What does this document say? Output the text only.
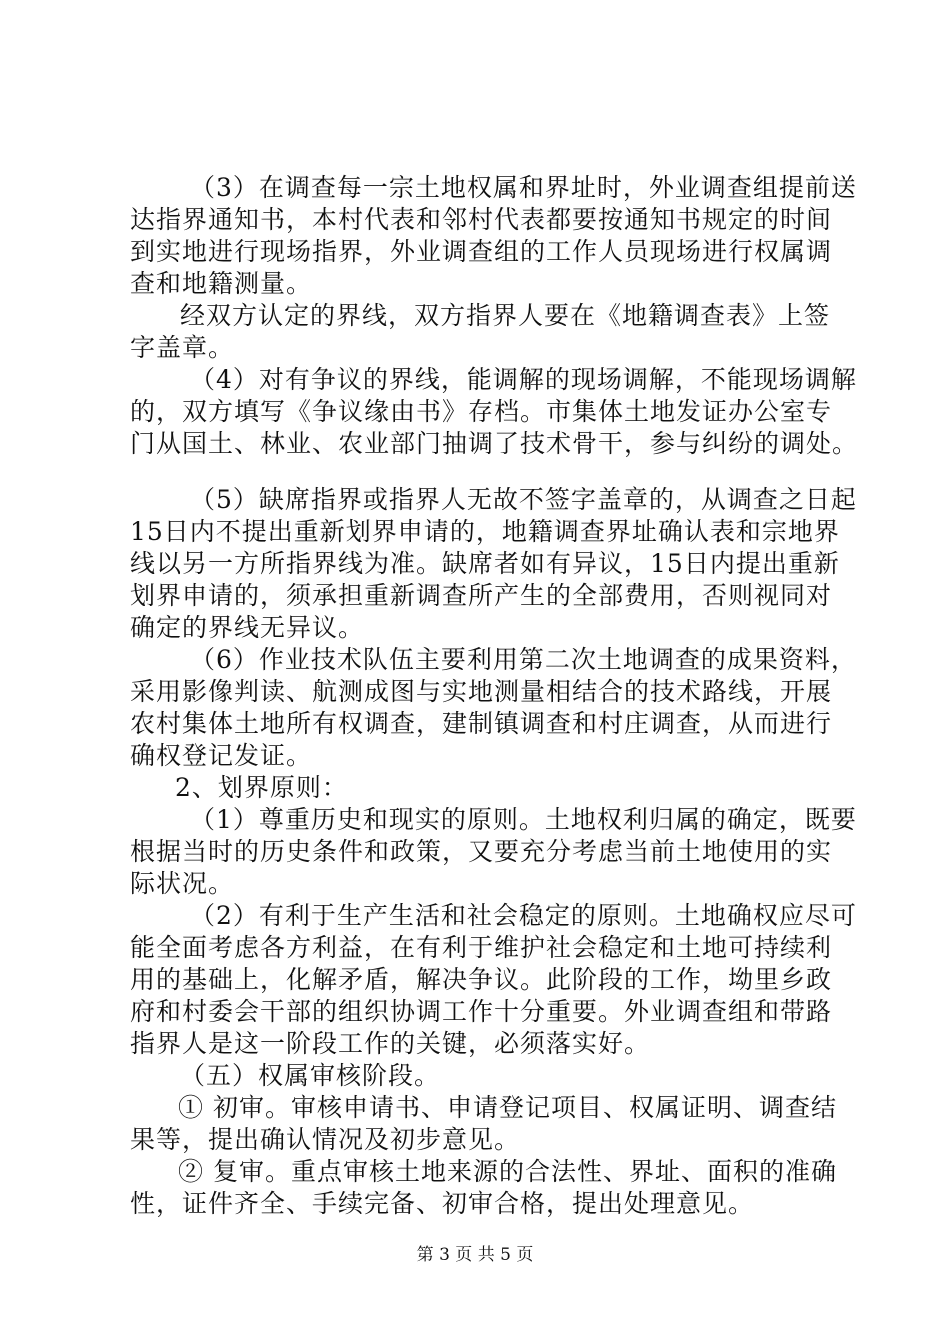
（3）在调查每一宗土地权属和界址时，外业调查组提前送
达指界通知书，本村代表和邻村代表都要按通知书规定的时间
到实地进行现场指界，外业调查组的工作人员现场进行权属调
查和地籍测量。
经双方认定的界线，双方指界人要在《地籍调查表》上签
字盖章。
（4）对有争议的界线，能调解的现场调解，不能现场调解
的，双方填写《争议缘由书》存档。市集体土地发证办公室专
门从国土、林业、农业部门抽调了技术骨干，参与纠纷的调处。
（5）缺席指界或指界人无故不签字盖章的，从调查之日起
15日内不提出重新划界申请的，地籍调查界址确认表和宗地界
线以另一方所指界线为准。缺席者如有异议，15日内提出重新
划界申请的，须承担重新调查所产生的全部费用，否则视同对
确定的界线无异议。
（6）作业技术队伍主要利用第二次土地调查的成果资料，
采用影像判读、航测成图与实地测量相结合的技术路线，开展
农村集体土地所有权调查，建制镇调查和村庄调查，从而进行
确权登记发证。
2、划界原则：
（1）尊重历史和现实的原则。土地权利归属的确定，既要
根据当时的历史条件和政策，又要充分考虑当前土地使用的实
际状况。
（2）有利于生产生活和社会稳定的原则。土地确权应尽可
能全面考虑各方利益，在有利于维护社会稳定和土地可持续利
用的基础上，化解矛盾，解决争议。此阶段的工作，坳里乡政
府和村委会干部的组织协调工作十分重要。外业调查组和带路
指界人是这一阶段工作的关键，必须落实好。
（五）权属审核阶段。
① 初审。审核申请书、申请登记项目、权属证明、调查结
果等，提出确认情况及初步意见。
② 复审。重点审核土地来源的合法性、界址、面积的准确
性，证件齐全、手续完备、初审合格，提出处理意见。
第 3 页 共 5 页
